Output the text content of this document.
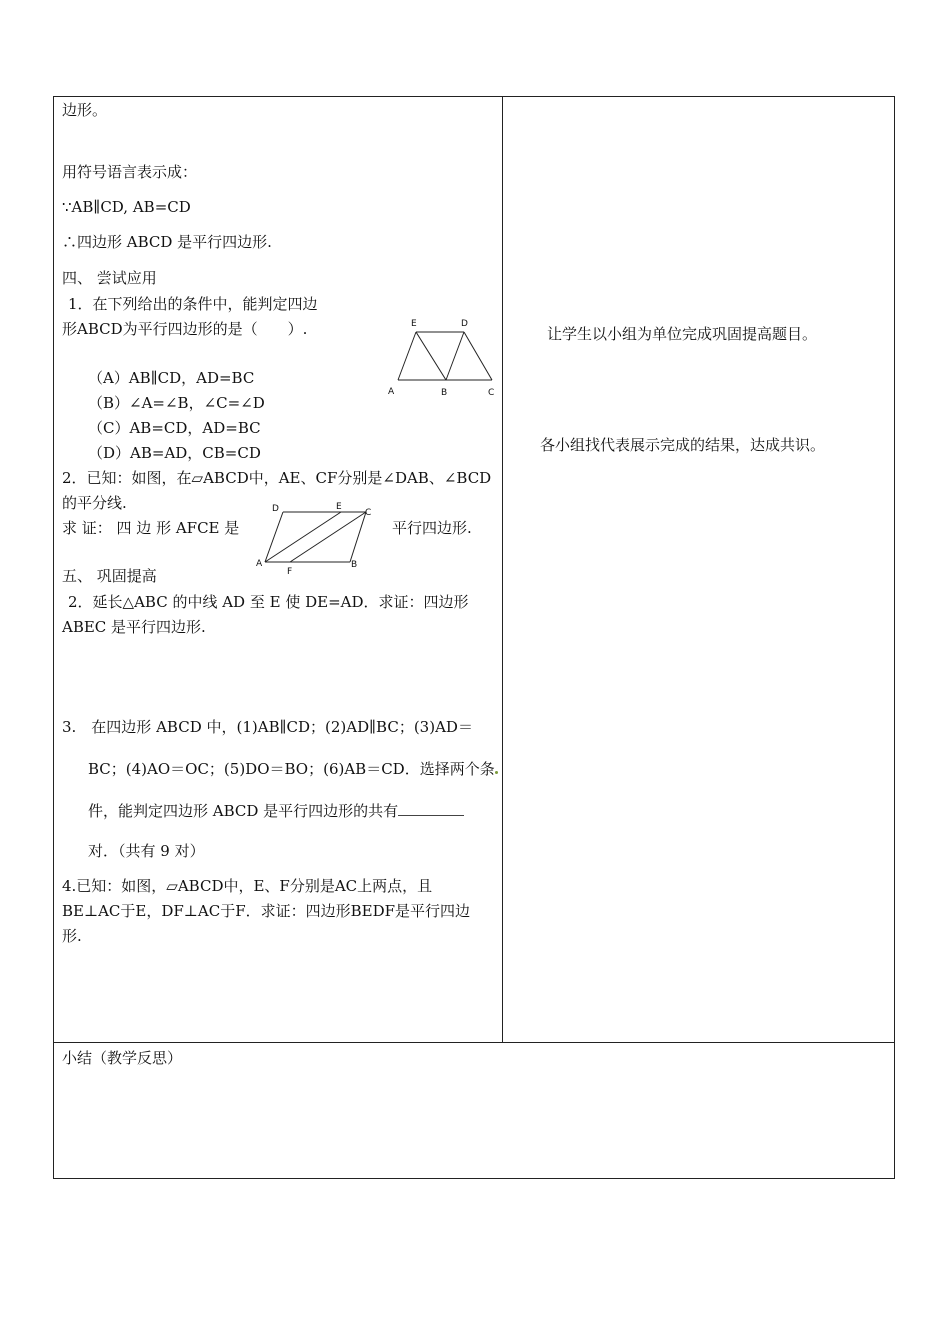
边形。
用符号语言表示成：
∵AB∥CD, AB=CD
∴四边形 ABCD 是平行四边形.
四、 尝试应用
1．在下列给出的条件中，能判定四边
形ABCD为平行四边形的是（　　）.
（A）AB∥CD，AD=BC
（B）∠A=∠B，∠C=∠D
（C）AB=CD，AD=BC
（D）AB=AD，CB=CD
E	D
A	B	C
2．已知：如图，在▱ABCD中，AE、CF分别是∠DAB、∠BCD
的平分线.
求 证： 四 边 形 AFCE 是	平行四边形.
D	E
C
A
F
B
五、 巩固提高
2．延长△ABC 的中线 AD 至 E 使 DE=AD．求证：四边形
ABEC 是平行四边形.
3.　在四边形 ABCD 中，(1)AB∥CD；(2)AD∥BC；(3)AD＝
BC；(4)AO＝OC；(5)DO＝BO；(6)AB＝CD．选择两个条
件，能判定四边形 ABCD 是平行四边形的共有
对．（共有 9 对）
4.已知：如图，▱ABCD中，E、F分别是AC上两点，且
BE⊥AC于E，DF⊥AC于F．求证：四边形BEDF是平行四边
形.
让学生以小组为单位完成巩固提高题目。
各小组找代表展示完成的结果，达成共识。
小结（教学反思）
